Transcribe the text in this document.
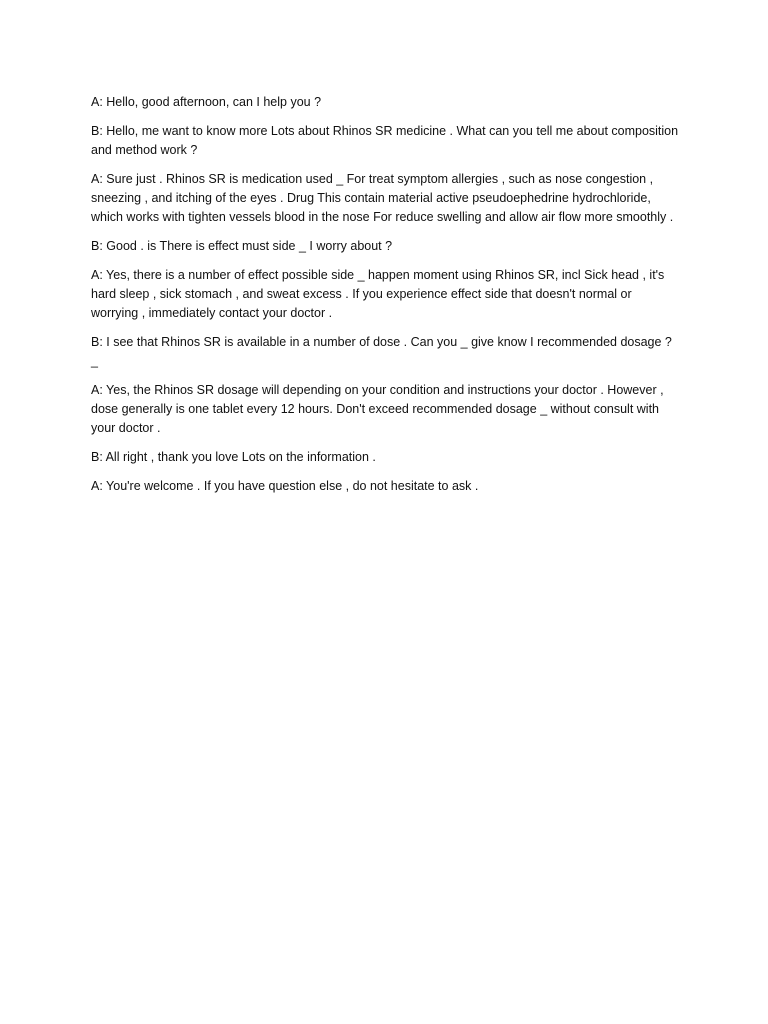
A: Hello, good afternoon, can I help you ?

B: Hello, me want to know more Lots about Rhinos SR medicine . What can you tell me about composition and method work ?

A: Sure just . Rhinos SR is medication used _ For treat symptom allergies , such as nose congestion , sneezing , and itching of the eyes . Drug This contain material active pseudoephedrine hydrochloride, which works with tighten vessels blood in the nose For reduce swelling and allow air flow more smoothly .

B: Good . is There is effect must side _ I worry about ?

A: Yes, there is a number of effect possible side _ happen moment using Rhinos SR, incl Sick head , it's hard sleep , sick stomach , and sweat excess . If you experience effect side that doesn't normal or worrying , immediately contact your doctor .

B: I see that Rhinos SR is available in a number of dose . Can you _ give know I recommended dosage ? _

A: Yes, the Rhinos SR dosage will depending on your condition and instructions your doctor . However , dose generally is one tablet every 12 hours. Don't exceed recommended dosage _ without consult with your doctor .

B: All right , thank you love Lots on the information .

A: You're welcome . If you have question else , do not hesitate to ask .
